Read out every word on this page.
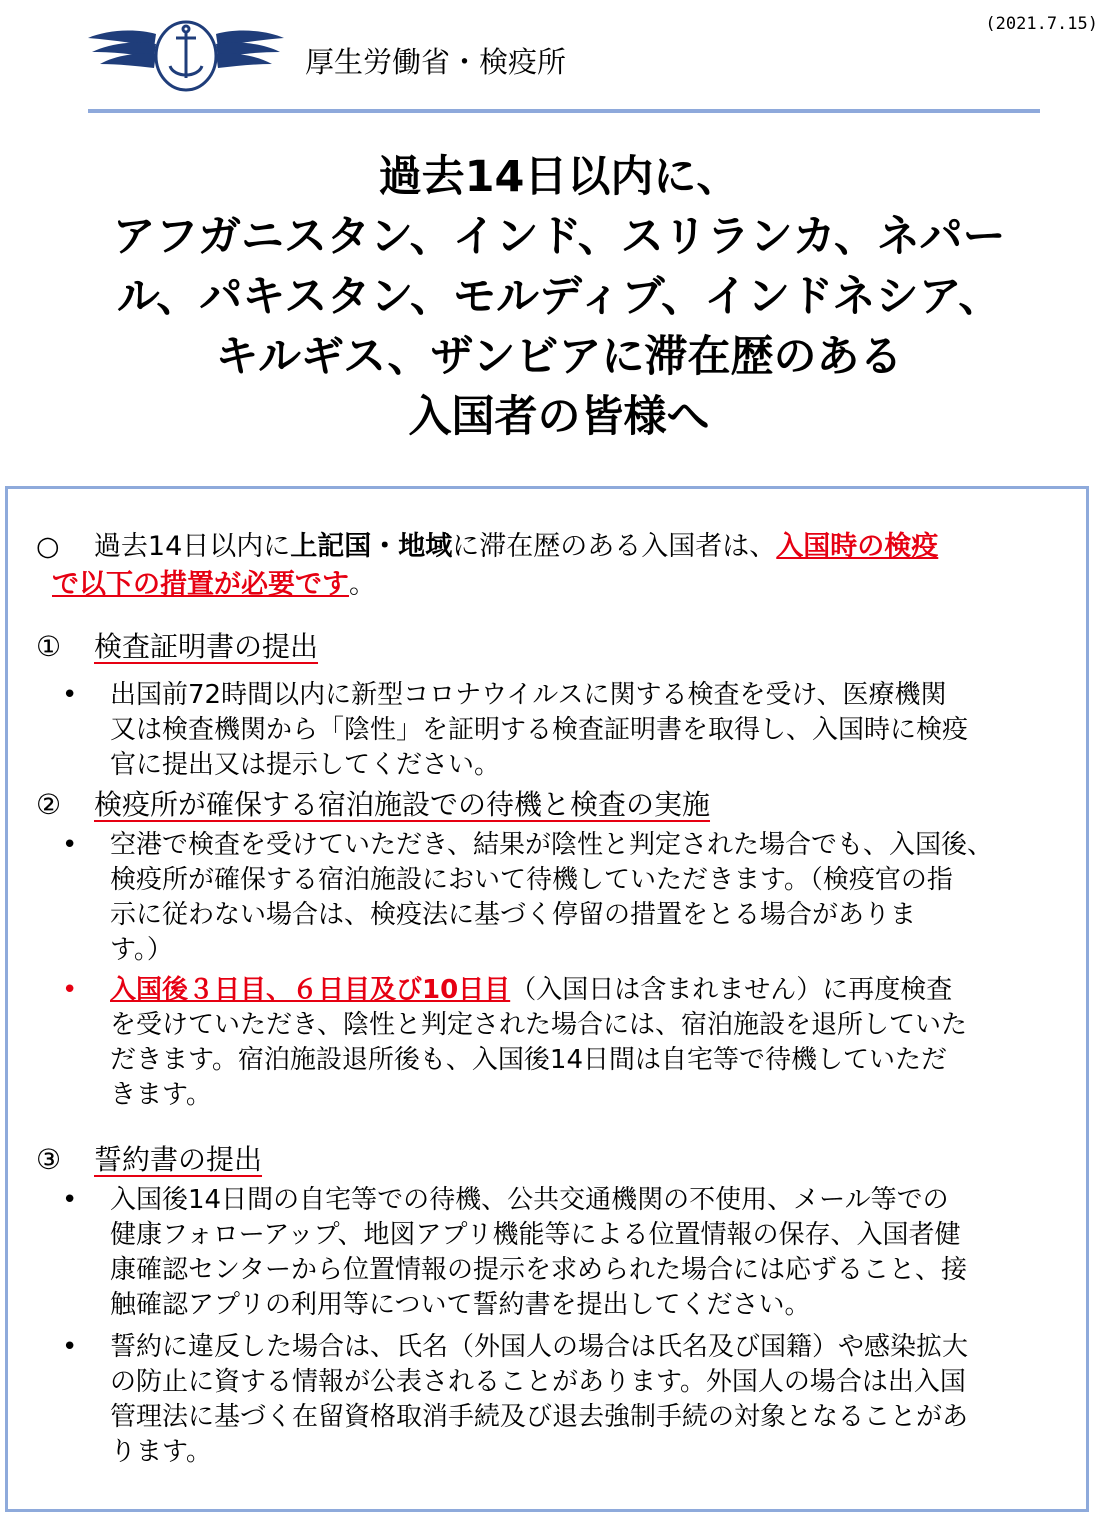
(2021.7.15)
厚生労働省・検疫所
過去14日以内に、
アフガニスタン、インド、スリランカ、ネパー
ル、パキスタン、モルディブ、インドネシア、
キルギス、ザンビアに滞在歴のある
入国者の皆様へ
○ 過去14日以内に上記国・地域に滞在歴のある入国者は、入国時の検疫
で以下の措置が必要です。
① 検査証明書の提出
•	出国前72時間以内に新型コロナウイルスに関する検査を受け、医療機関
又は検査機関から「陰性」を証明する検査証明書を取得し、入国時に検疫
官に提出又は提示してください。
② 検疫所が確保する宿泊施設での待機と検査の実施
•	空港で検査を受けていただき、結果が陰性と判定された場合でも、入国後、
検疫所が確保する宿泊施設において待機していただきます。（検疫官の指
示に従わない場合は、検疫法に基づく停留の措置をとる場合がありま
す。）
•	入国後３日目、６日目及び10日目（入国日は含まれません）に再度検査
を受けていただき、陰性と判定された場合には、宿泊施設を退所していた
だきます。宿泊施設退所後も、入国後14日間は自宅等で待機していただ
きます。
③ 誓約書の提出
•	入国後14日間の自宅等での待機、公共交通機関の不使用、メール等での
健康フォローアップ、地図アプリ機能等による位置情報の保存、入国者健
康確認センターから位置情報の提示を求められた場合には応ずること、接
触確認アプリの利用等について誓約書を提出してください。
•	誓約に違反した場合は、氏名（外国人の場合は氏名及び国籍）や感染拡大
の防止に資する情報が公表されることがあります。外国人の場合は出入国
管理法に基づく在留資格取消手続及び退去強制手続の対象となることがあ
ります。
